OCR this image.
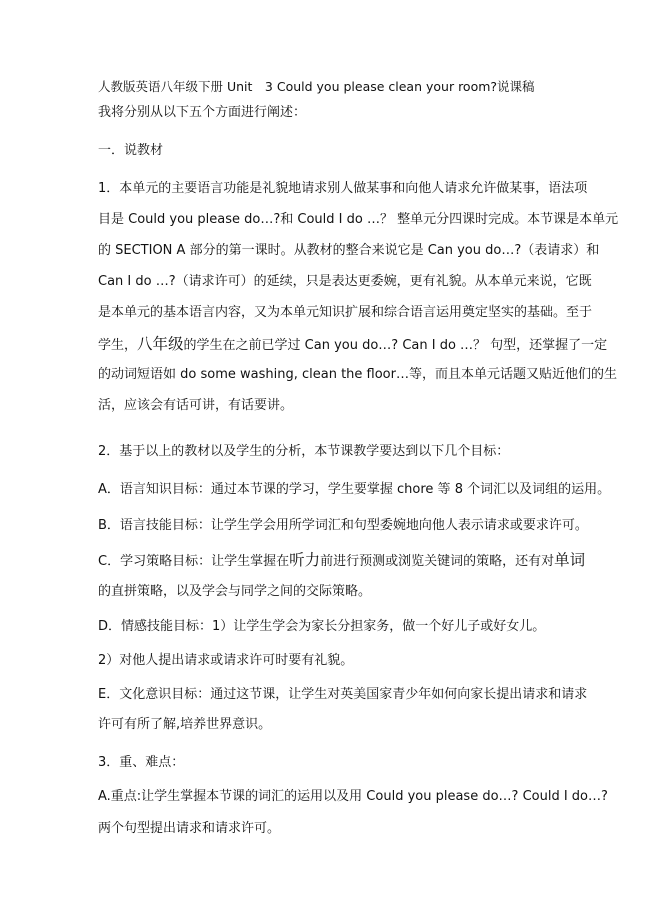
人教版英语八年级下册 Unit　3 Could you please clean your room?说课稿
我将分别从以下五个方面进行阐述：
一．说教材
1．本单元的主要语言功能是礼貌地请求别人做某事和向他人请求允许做某事，语法项
目是 Could you please do…?和 Could I do …？ 整单元分四课时完成。本节课是本单元
的 SECTION A 部分的第一课时。从教材的整合来说它是 Can you do…?（表请求）和
Can I do …?（请求许可）的延续，只是表达更委婉，更有礼貌。从本单元来说，它既
是本单元的基本语言内容，又为本单元知识扩展和综合语言运用奠定坚实的基础。至于
学生，八年级的学生在之前已学过 Can you do…? Can I do …？ 句型，还掌握了一定
的动词短语如 do some washing, clean the floor…等，而且本单元话题又贴近他们的生
活，应该会有话可讲，有话要讲。
2．基于以上的教材以及学生的分析，本节课教学要达到以下几个目标：
A．语言知识目标：通过本节课的学习，学生要掌握 chore 等 8 个词汇以及词组的运用。
B．语言技能目标：让学生学会用所学词汇和句型委婉地向他人表示请求或要求许可。
C．学习策略目标：让学生掌握在听力前进行预测或浏览关键词的策略，还有对单词
的直拼策略，以及学会与同学之间的交际策略。
D．情感技能目标：1）让学生学会为家长分担家务，做一个好儿子或好女儿。
2）对他人提出请求或请求许可时要有礼貌。
E．文化意识目标：通过这节课，让学生对英美国家青少年如何向家长提出请求和请求
许可有所了解,培养世界意识。
3．重、难点：
A.重点:让学生掌握本节课的词汇的运用以及用 Could you please do…? Could I do…?
两个句型提出请求和请求许可。
